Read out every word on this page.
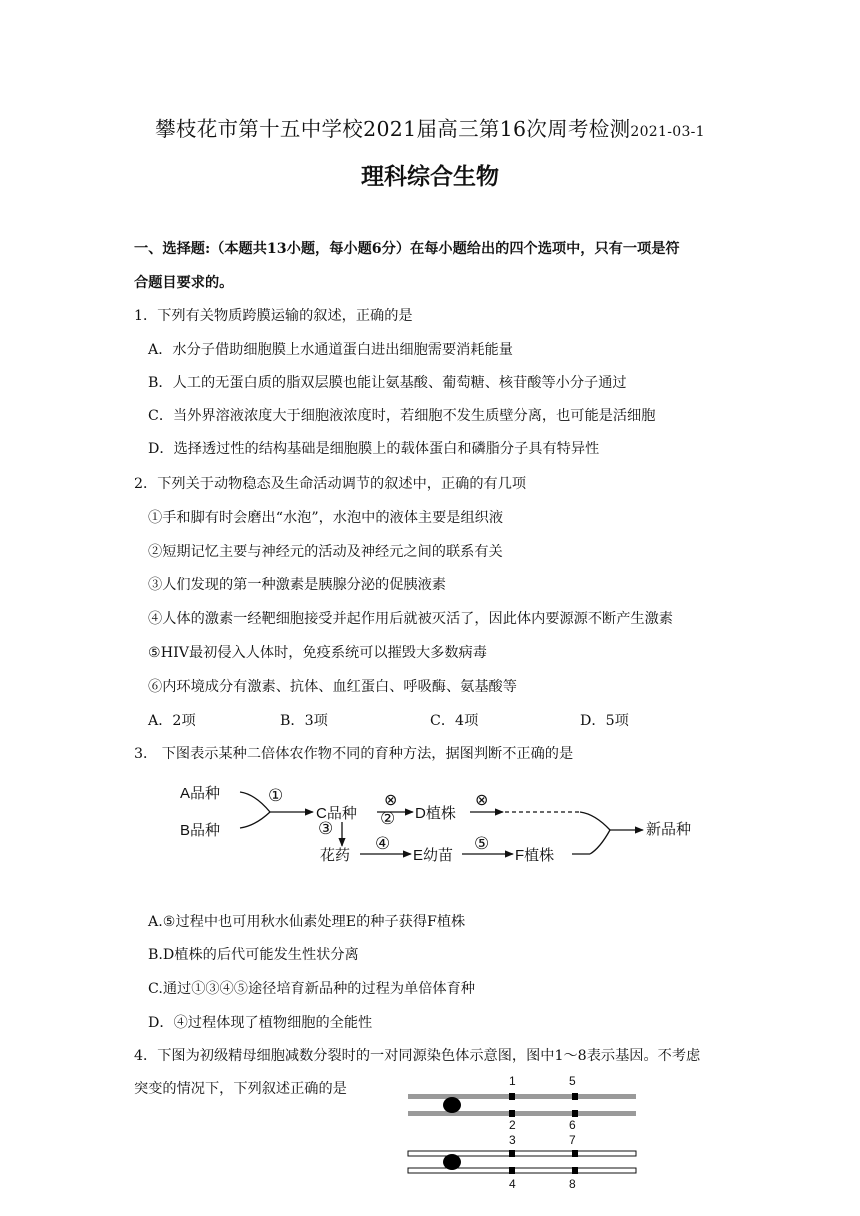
攀枝花市第十五中学校2021届高三第16次周考检测2021-03-1
理科综合生物
一、选择题:（本题共13小题，每小题6分）在每小题给出的四个选项中，只有一项是符
合题目要求的。
1．下列有关物质跨膜运输的叙述，正确的是
A．水分子借助细胞膜上水通道蛋白进出细胞需要消耗能量
B．人工的无蛋白质的脂双层膜也能让氨基酸、葡萄糖、核苷酸等小分子通过
C．当外界溶液浓度大于细胞液浓度时，若细胞不发生质壁分离，也可能是活细胞
D．选择透过性的结构基础是细胞膜上的载体蛋白和磷脂分子具有特异性
2．下列关于动物稳态及生命活动调节的叙述中，正确的有几项
①手和脚有时会磨出“水泡”，水泡中的液体主要是组织液
②短期记忆主要与神经元的活动及神经元之间的联系有关
③人们发现的第一种激素是胰腺分泌的促胰液素
④人体的激素一经靶细胞接受并起作用后就被灭活了，因此体内要源源不断产生激素
⑤HIV最初侵入人体时，免疫系统可以摧毁大多数病毒
⑥内环境成分有激素、抗体、血红蛋白、呼吸酶、氨基酸等
A．2项	B．3项	C．4项	D．5项
3． 下图表示某种二倍体农作物不同的育种方法，据图判断不正确的是
A品种
B品种
①
C品种
⊗
② D植株
⊗
③
花药
④
E幼苗
⑤
F植株
新品种
A.⑤过程中也可用秋水仙素处理E的种子获得F植株
B.D植株的后代可能发生性状分离
C.通过①③④⑤途径培育新品种的过程为单倍体育种
D．④过程体现了植物细胞的全能性
4．下图为初级精母细胞减数分裂时的一对同源染色体示意图，图中1～8表示基因。不考虑
突变的情况下，下列叙述正确的是	1	5
2	6
3	7
4	8
